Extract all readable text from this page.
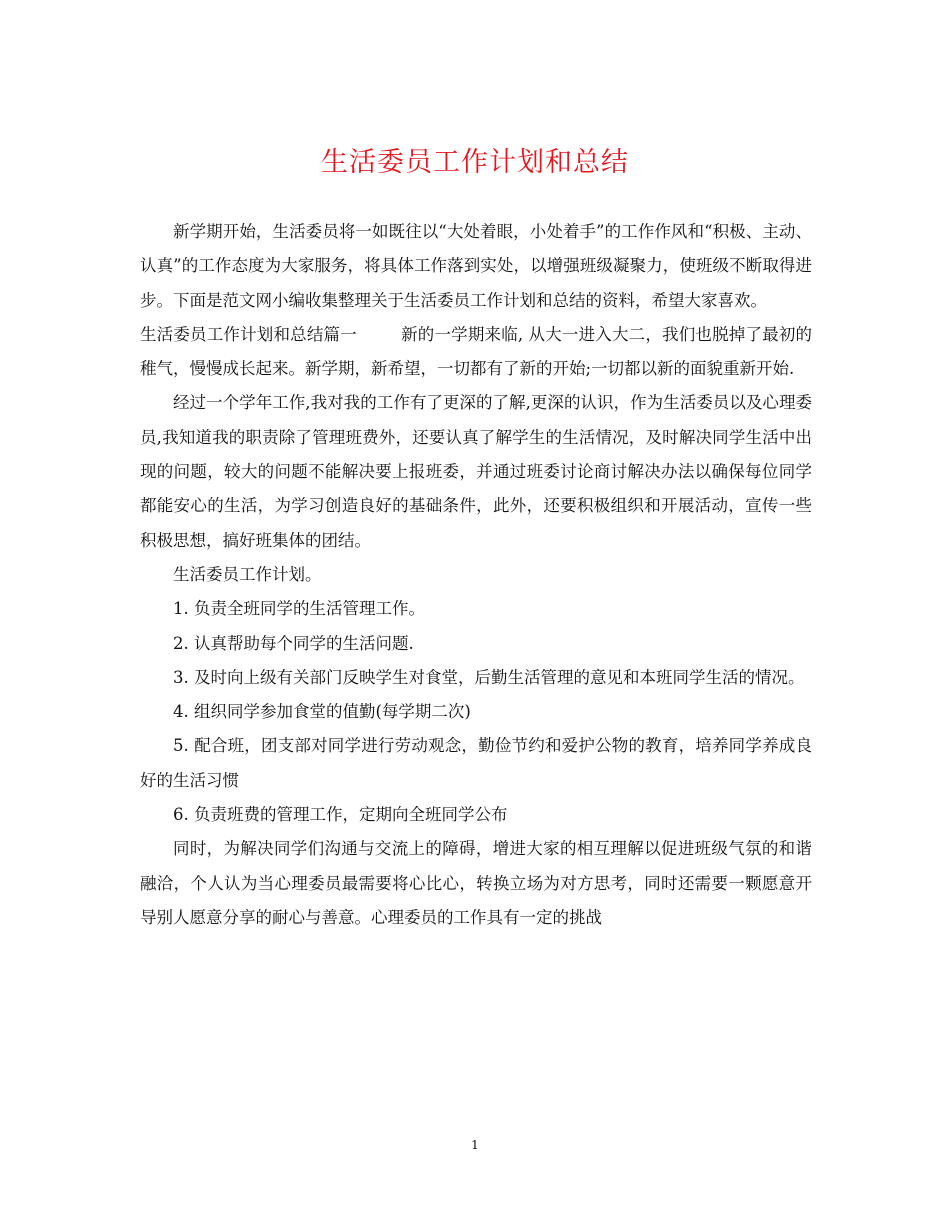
生活委员工作计划和总结

新学期开始，生活委员将一如既往以“大处着眼，小处着手”的工作作风和“积极、主动、认真”的工作态度为大家服务，将具体工作落到实处，以增强班级凝聚力，使班级不断取得进步。下面是范文网小编收集整理关于生活委员工作计划和总结的资料，希望大家喜欢。

生活委员工作计划和总结篇一	新的一学期来临, 从大一进入大二，我们也脱掉了最初的稚气，慢慢成长起来。新学期，新希望，一切都有了新的开始;一切都以新的面貌重新开始.

经过一个学年工作,我对我的工作有了更深的了解,更深的认识，作为生活委员以及心理委员,我知道我的职责除了管理班费外，还要认真了解学生的生活情况，及时解决同学生活中出现的问题，较大的问题不能解决要上报班委，并通过班委讨论商讨解决办法以确保每位同学都能安心的生活，为学习创造良好的基础条件，此外，还要积极组织和开展活动，宣传一些积极思想，搞好班集体的团结。

生活委员工作计划。

1. 负责全班同学的生活管理工作。

2. 认真帮助每个同学的生活问题.

3. 及时向上级有关部门反映学生对食堂，后勤生活管理的意见和本班同学生活的情况。

4. 组织同学参加食堂的值勤(每学期二次)

5. 配合班，团支部对同学进行劳动观念，勤俭节约和爱护公物的教育，培养同学养成良好的生活习惯

6. 负责班费的管理工作，定期向全班同学公布

同时，为解决同学们沟通与交流上的障碍，增进大家的相互理解以促进班级气氛的和谐融洽，个人认为当心理委员最需要将心比心，转换立场为对方思考，同时还需要一颗愿意开导别人愿意分享的耐心与善意。心理委员的工作具有一定的挑战

1
